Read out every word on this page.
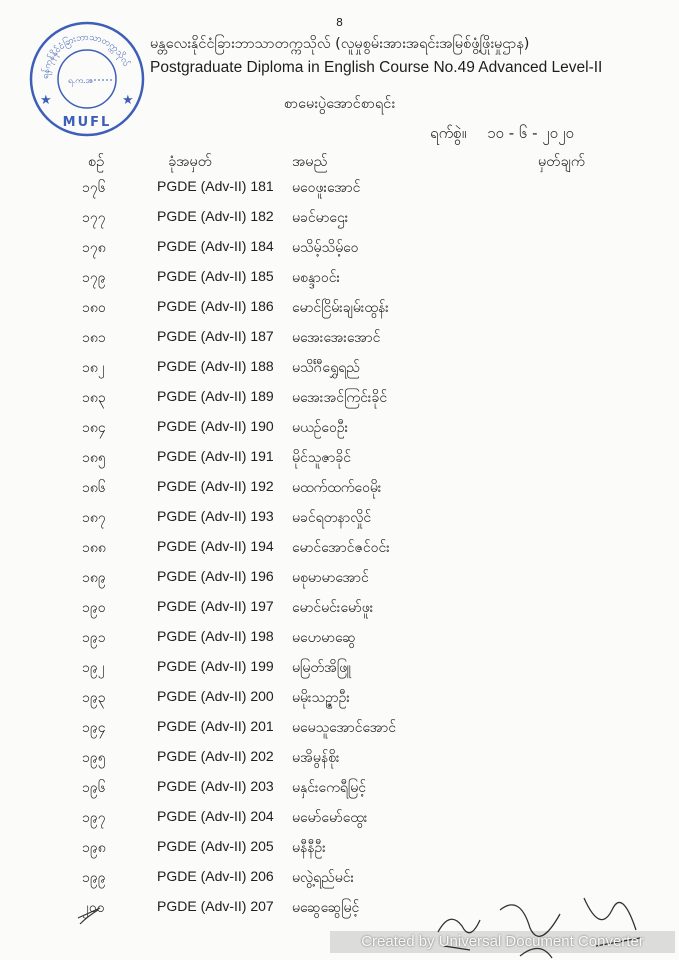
8
ရန်ကုန်နိုင်ငံခြားဘာသာတက္ကသိုလ်
ရ.က.အ
★	★
MUFL
မန္တလေးနိုင်ငံခြားဘာသာတက္ကသိုလ် (လူမှုစွမ်းအားအရင်းအမြစ်ဖွံ့ဖြိုးမှုဌာန)
Postgraduate Diploma in English Course No.49 Advanced Level-II
စာမေးပွဲအောင်စာရင်း
ရက်စွဲ။ ၁၀ - ၆ - ၂၀၂၀
စဉ်	ခုံအမှတ်	အမည်	မှတ်ချက်
၁၇၆	PGDE (Adv-II) 181 မဝေဖူးအောင်
၁၇၇	PGDE (Adv-II) 182 မခင်မာဌေး
၁၇၈	PGDE (Adv-II) 184 မသိမ့်သိမ့်ဝေ
၁၇၉	PGDE (Adv-II) 185 မစန္ဒာဝင်း
၁၈၀	PGDE (Adv-II) 186 မောင်ငြိမ်းချမ်းထွန်း
၁၈၁	PGDE (Adv-II) 187 မအေးအေးအောင်
၁၈၂	PGDE (Adv-II) 188 မသိင်္ဂီရွှေရည်
၁၈၃	PGDE (Adv-II) 189 မအေးအင်ကြင်းခိုင်
၁၈၄	PGDE (Adv-II) 190 မယဉ်ဝေဦး
၁၈၅	PGDE (Adv-II) 191 မိုင်သူဇာခိုင်
၁၈၆	PGDE (Adv-II) 192 မထက်ထက်ဝေမိုး
၁၈၇	PGDE (Adv-II) 193 မခင်ရတနာလှိုင်
၁၈၈	PGDE (Adv-II) 194 မောင်အောင်ဇင်ဝင်း
၁၈၉	PGDE (Adv-II) 196 မစုမာမာအောင်
၁၉၀	PGDE (Adv-II) 197 မောင်မင်းမော်ဖူး
၁၉၁	PGDE (Adv-II) 198 မဟေမာဆွေ
၁၉၂	PGDE (Adv-II) 199 မမြတ်အိဖြူ
၁၉၃	PGDE (Adv-II) 200 မမိုးသဉ္ဇာဦး
၁၉၄	PGDE (Adv-II) 201 မမေသူအောင်အောင်
၁၉၅	PGDE (Adv-II) 202 မအိမွန်စိုး
၁၉၆	PGDE (Adv-II) 203 မနှင်းကေရီမြင့်
၁၉၇	PGDE (Adv-II) 204 မမော်မော်ထွေး
၁၉၈	PGDE (Adv-II) 205 မနီနီဦး
၁၉၉	PGDE (Adv-II) 206 မလွဲ့ရည်မင်း
၂၀၀	PGDE (Adv-II) 207 မဆွေဆွေမြင့်
Created by Universal Document Converter
